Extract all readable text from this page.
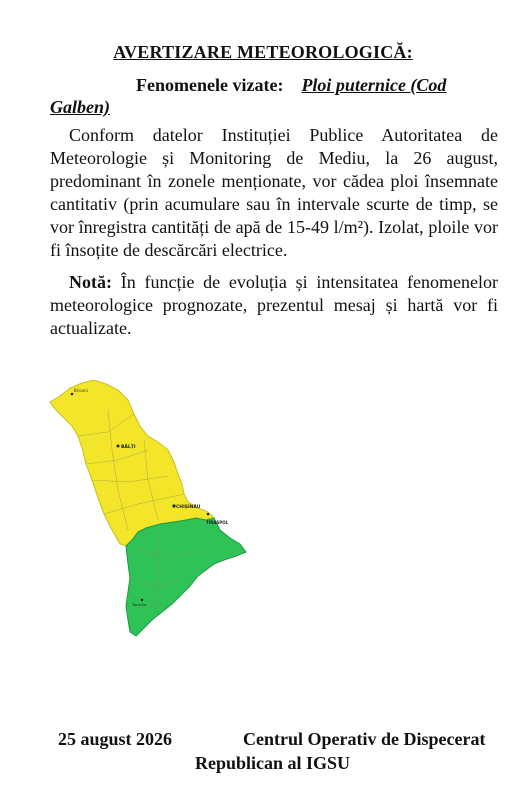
AVERTIZARE METEOROLOGICĂ:
Fenomenele vizate: Ploi puternice (Cod
Galben)

Conform datelor Instituției Publice Autoritatea de Meteorologie și Monitoring de Mediu, la 26 august, predominant în zonele menționate, vor cădea ploi însemnate cantitativ (prin acumulare sau în intervale scurte de timp, se vor înregistra cantități de apă de 15-49 l/m²). Izolat, ploile vor fi însoțite de descărcări electrice.

Notă: În funcție de evoluția și intensitatea fenomenelor meteorologice prognozate, prezentul mesaj și hartă vor fi actualizate.

Briceni
BĂLȚI
CHIȘINĂU
TIRASPOL
Taraclia
25 august 2026	Centrul Operativ de Dispecerat
Republican al IGSU
